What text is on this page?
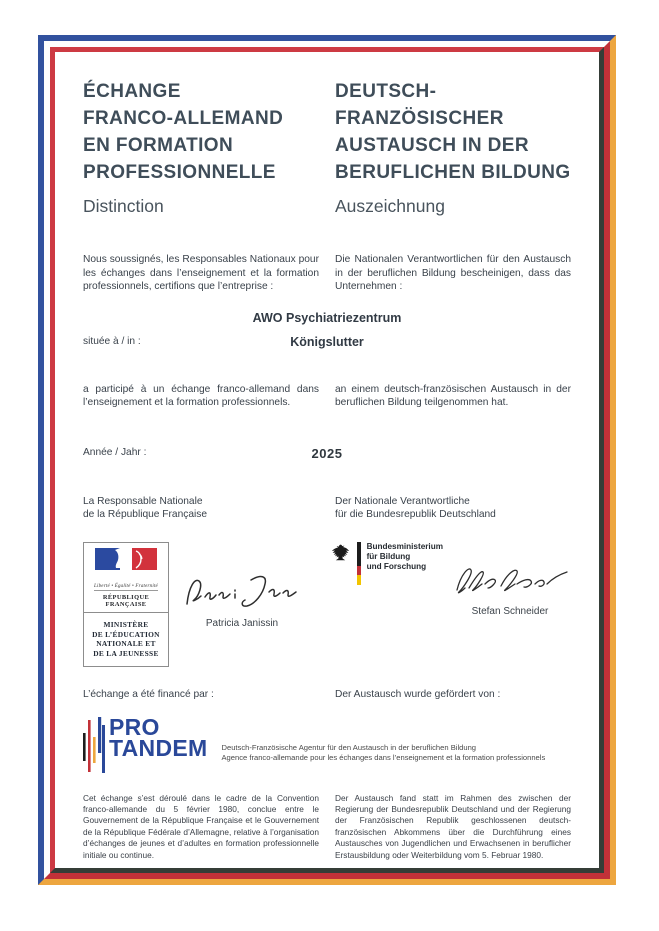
ÉCHANGE
FRANCO-ALLEMAND
EN FORMATION
PROFESSIONNELLE
DEUTSCH-
FRANZÖSISCHER
AUSTAUSCH IN DER
BERUFLICHEN BILDUNG

Distinction	Auszeichnung

Nous soussignés, les Responsables Nationaux pour les échanges dans l’enseignement et la formation professionnels, certifions que l’entreprise :

Die Nationalen Verantwortlichen für den Austausch in der beruflichen Bildung bescheinigen, dass das Unternehmen :

AWO Psychiatriezentrum
située à / in :	Königslutter

a participé à un échange franco-allemand dans l’enseignement et la formation professionnels.

an einem deutsch-französischen Austausch in der beruflichen Bildung teilgenommen hat.

Année / Jahr :	2025

La Responsable Nationale
de la République Française

Der Nationale Verantwortliche
für die Bundesrepublik Deutschland

Liberté • Égalité • Fraternité
RÉPUBLIQUE FRANÇAISE
MINISTÈRE
DE L’ÉDUCATION
NATIONALE ET
DE LA JEUNESSE
Patricia Janissin
Bundesministerium
für Bildung
und Forschung
Stefan Schneider

L’échange a été financé par :	Der Austausch wurde gefördert von :

PRO
TANDEM Deutsch-Französische Agentur für den Austausch in der beruflichen Bildung
Agence franco-allemande pour les échanges dans l’enseignement et la formation professionnels

Cet échange s’est déroulé dans le cadre de la Convention franco-allemande du 5 février 1980, conclue entre le Gouvernement de la République Française et le Gouvernement de la République Fédérale d’Allemagne, relative à l’organisation d’échanges de jeunes et d’adultes en formation professionnelle initiale ou continue.

Der Austausch fand statt im Rahmen des zwischen der Regierung der Bundesrepublik Deutschland und der Regierung der Französischen Republik geschlossenen deutsch-französischen Abkommens über die Durchführung eines Austausches von Jugendlichen und Erwachsenen in beruflicher Erstausbildung oder Weiterbildung vom 5. Februar 1980.
